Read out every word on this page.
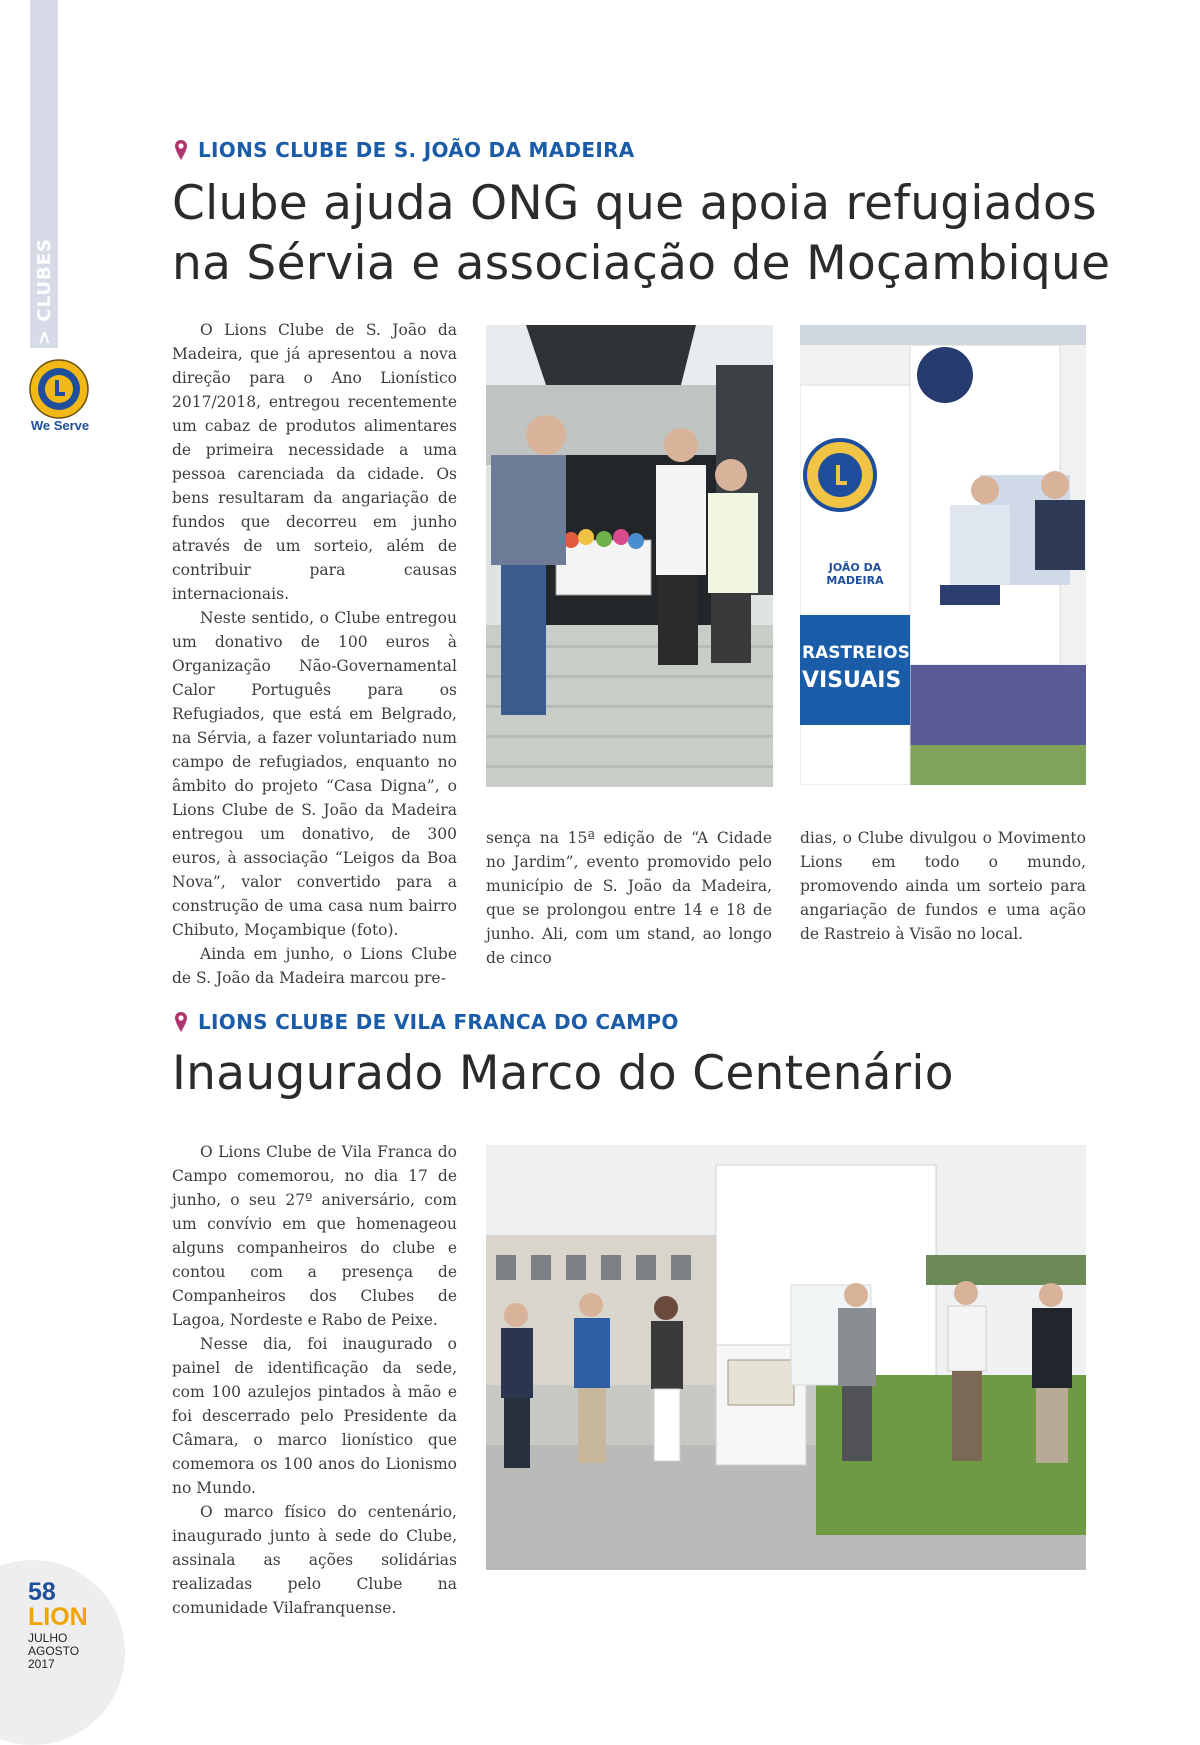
> CLUBES
We Serve
LIONS CLUBE DE S. JOÃO DA MADEIRA
Clube ajuda ONG que apoia refugiados
na Sérvia e associação de Moçambique

O Lions Clube de S. João da Madeira, que já apresentou a nova direção para o Ano Lionístico 2017/2018, entregou recentemente um cabaz de produtos alimentares de primeira necessidade a uma pessoa carenciada da cidade. Os bens resultaram da angariação de fundos que decorreu em junho através de um sorteio, além de contribuir para causas internacionais.

Neste sentido, o Clube entregou um donativo de 100 euros à Organização Não-Governamental Calor Português para os Refugiados, que está em Belgrado, na Sérvia, a fazer voluntariado num campo de refugiados, enquanto no âmbito do projeto “Casa Digna”, o Lions Clube de S. João da Madeira entregou um donativo, de 300 euros, à associação “Leigos da Boa Nova”, valor convertido para a construção de uma casa num bairro Chibuto, Moçambique (foto).

Ainda em junho, o Lions Clube de S. João da Madeira marcou pre-

JOÃO DA MADEIRA
RASTREIOS
VISUAIS

sença na 15ª edição de “A Cidade no Jardim”, evento promovido pelo município de S. João da Madeira, que se prolongou entre 14 e 18 de junho. Ali, com um stand, ao longo de cinco

dias, o Clube divulgou o Movimento Lions em todo o mundo, promovendo ainda um sorteio para angariação de fundos e uma ação de Rastreio à Visão no local.

LIONS CLUBE DE VILA FRANCA DO CAMPO
Inaugurado Marco do Centenário

O Lions Clube de Vila Franca do Campo comemorou, no dia 17 de junho, o seu 27º aniversário, com um convívio em que homenageou alguns companheiros do clube e contou com a presença de Companheiros dos Clubes de Lagoa, Nordeste e Rabo de Peixe.

Nesse dia, foi inaugurado o painel de identificação da sede, com 100 azulejos pintados à mão e foi descerrado pelo Presidente da Câmara, o marco lionístico que comemora os 100 anos do Lionismo no Mundo.

O marco físico do centenário, inaugurado junto à sede do Clube, assinala as ações solidárias realizadas pelo Clube na comunidade Vilafranquense.

58
LION
JULHO
AGOSTO
2017
